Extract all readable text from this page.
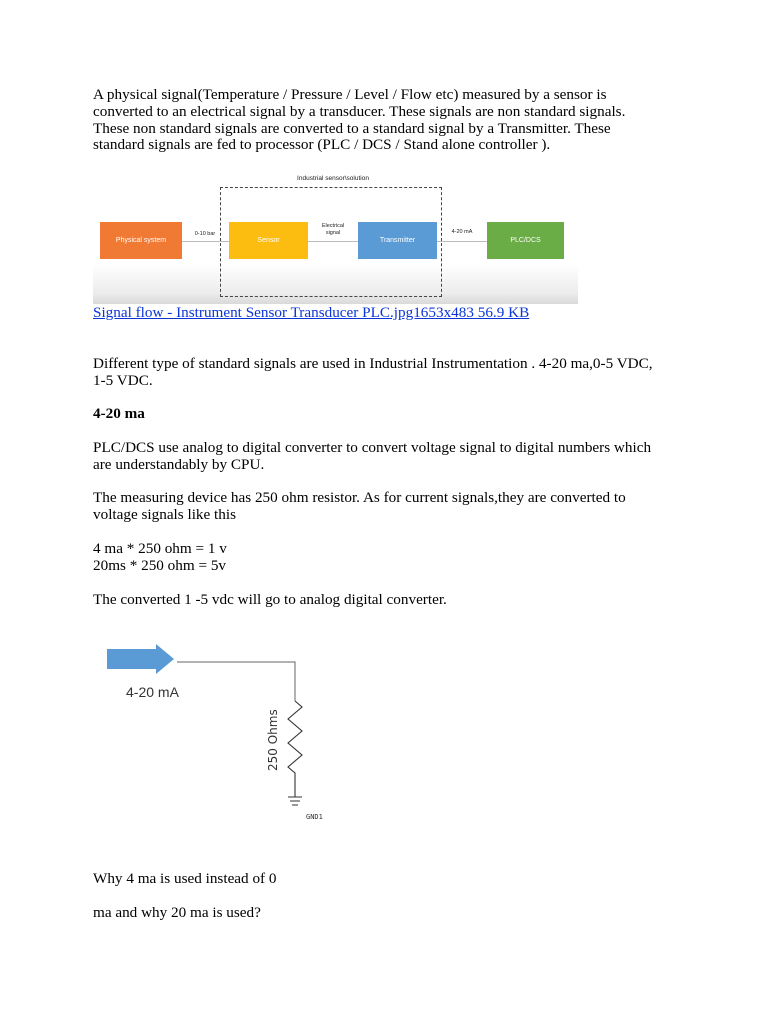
A physical signal(Temperature / Pressure / Level / Flow etc) measured by a sensor is
converted to an electrical signal by a transducer. These signals are non standard signals.
These non standard signals are converted to a standard signal by a Transmitter. These
standard signals are fed to processor (PLC / DCS / Stand alone controller ).

Industrial sensor\solution
Physical system	Sensor	Transmitter	PLC/DCS
0-10 bar
Electrical
signal	4-20 mA

Signal flow - Instrument Sensor Transducer PLC.jpg1653x483 56.9 KB

Different type of standard signals are used in Industrial Instrumentation . 4-20 ma,0-5 VDC,
1-5 VDC.

4-20 ma

PLC/DCS use analog to digital converter to convert voltage signal to digital numbers which
are understandably by CPU.

The measuring device has 250 ohm resistor. As for current signals,they are converted to
voltage signals like this

4 ma * 250 ohm = 1 v
20ms * 250 ohm = 5v

The converted 1 -5 vdc will go to analog digital converter.

4-20 mA
250 Ohms
GND1

Why 4 ma is used instead of 0

ma and why 20 ma is used?
